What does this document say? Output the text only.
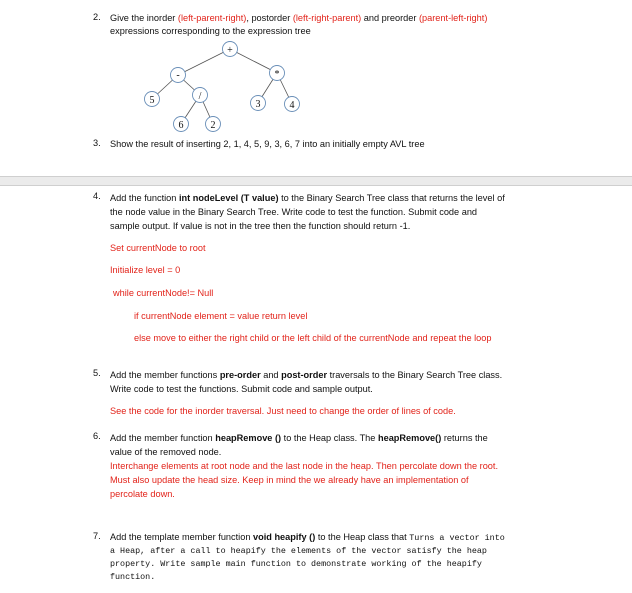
2. Give the inorder (left-parent-right), postorder (left-right-parent) and preorder (parent-left-right)
expressions corresponding to the expression tree
+
-	*
5	/
3	4
6	2
3. Show the result of inserting 2, 1, 4, 5, 9, 3, 6, 7 into an initially empty AVL tree
4. Add the function int nodeLevel (T value) to the Binary Search Tree class that returns the level of
the node value in the Binary Search Tree. Write code to test the function. Submit code and
sample output. If value is not in the tree then the function should return -1.
Set currentNode to root
Initialize level = 0
while currentNode!= Null
if currentNode element = value return level
else move to either the right child or the left child of the currentNode and repeat the loop
5. Add the member functions pre-order and post-order traversals to the Binary Search Tree class.
Write code to test the functions. Submit code and sample output.
See the code for the inorder traversal. Just need to change the order of lines of code.
6. Add the member function heapRemove () to the Heap class. The heapRemove() returns the
value of the removed node.
Interchange elements at root node and the last node in the heap. Then percolate down the root.
Must also update the head size. Keep in mind the we already have an implementation of
percolate down.
7. Add the template member function void heapify () to the Heap class that Turns a vector into
a Heap, after a call to heapify the elements of the vector satisfy the heap
property. Write sample main function to demonstrate working of the heapify
function.
